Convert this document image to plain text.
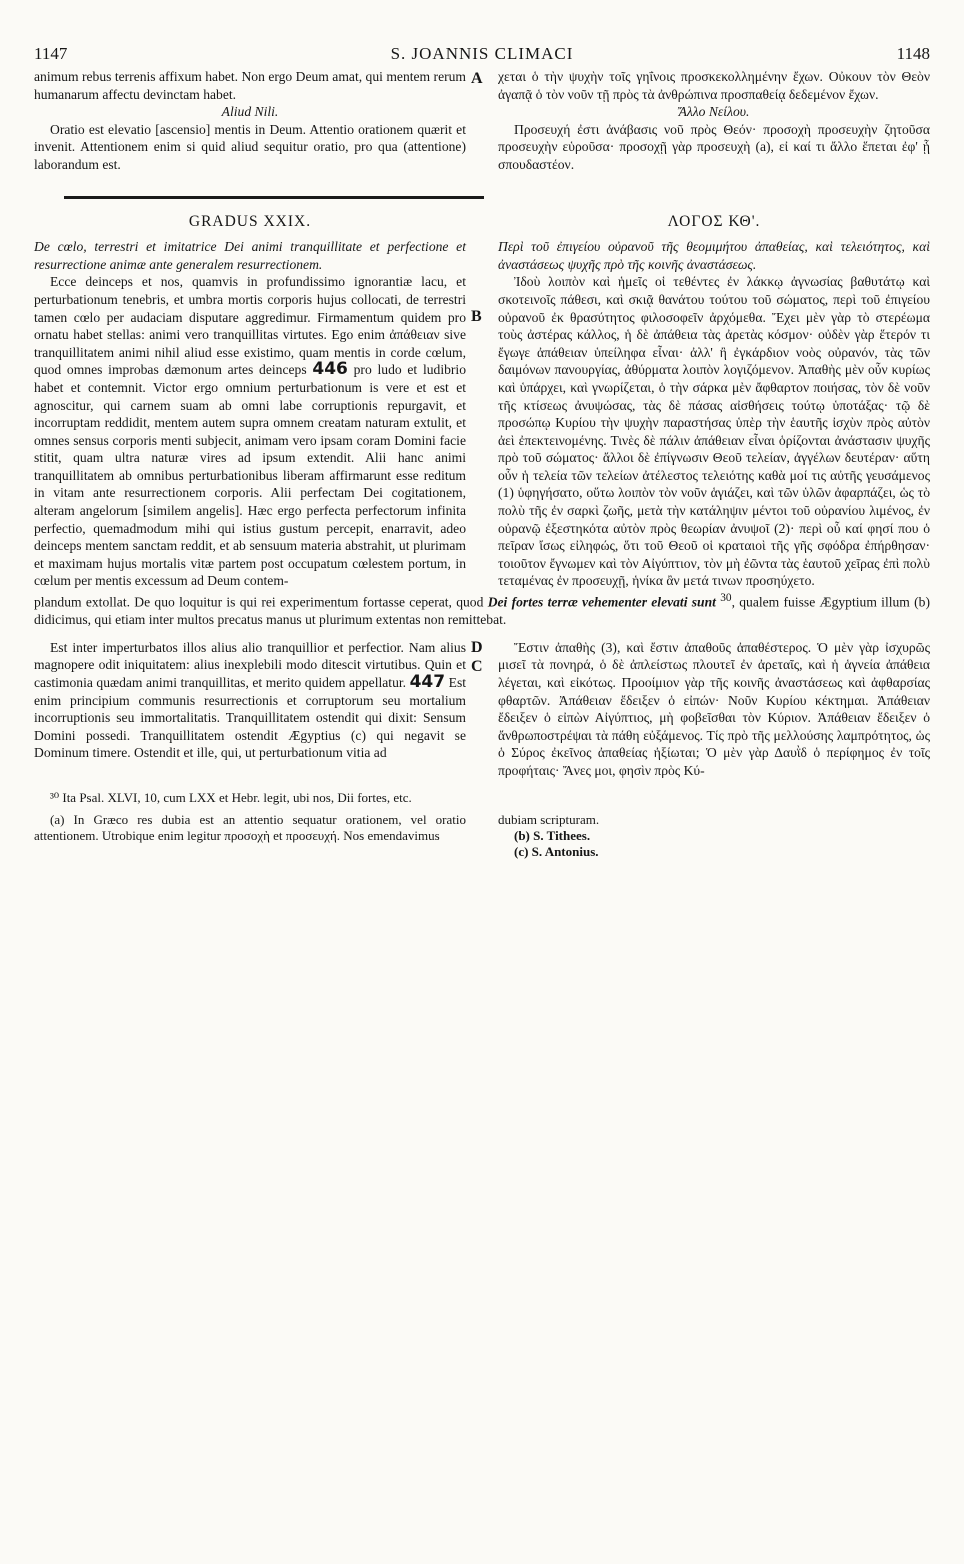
1147	S. JOANNIS CLIMACI	1148
A

animum rebus terrenis affixum habet. Non ergo Deum amat, qui mentem rerum humanarum affectu devinctam habet.

Aliud Nili.

Oratio est elevatio [ascensio] mentis in Deum. Attentio orationem quærit et invenit. Attentionem enim si quid aliud sequitur oratio, pro qua (attentione) laborandum est.

χεται ὁ τὴν ψυχὴν τοῖς γηΐνοις προσκεκολλημένην ἔχων. Οὐκουν τὸν Θεὸν ἀγαπᾷ ὁ τὸν νοῦν τῇ πρὸς τὰ ἀνθρώπινα προσπαθείᾳ δεδεμένον ἔχων.

Ἄλλο Νείλου.

Προσευχή ἐστι ἀνάβασις νοῦ πρὸς Θεόν· προσοχὴ προσευχὴν ζητοῦσα προσευχὴν εὑροῦσα· προσοχῇ γὰρ προσευχὴ (a), εἰ καί τι ἄλλο ἕπεται ἐφ' ᾗ σπουδαστέον.

GRADUS XXIX.	ΛΟΓΟΣ ΚΘ'.
B
C

De cœlo, terrestri et imitatrice Dei animi tranquillitate et perfectione et resurrectione animæ ante generalem resurrectionem.

Ecce deinceps et nos, quamvis in profundissimo ignorantiæ lacu, et perturbationum tenebris, et umbra mortis corporis hujus collocati, de terrestri tamen cœlo per audaciam disputare aggredimur. Firmamentum quidem pro ornatu habet stellas: animi vero tranquillitas virtutes. Ego enim ἀπάθειαν sive tranquillitatem animi nihil aliud esse existimo, quam mentis in corde cœlum, quod omnes improbas dæmonum artes deinceps 446 pro ludo et ludibrio habet et contemnit. Victor ergo omnium perturbationum is vere et est et agnoscitur, qui carnem suam ab omni labe corruptionis repurgavit, et incorruptam reddidit, mentem autem supra omnem creatam naturam extulit, et omnes sensus corporis menti subjecit, animam vero ipsam coram Domini facie stitit, quam ultra naturæ vires ad ipsum extendit. Alii hanc animi tranquillitatem ab omnibus perturbationibus liberam affirmarunt esse reditum in vitam ante resurrectionem corporis. Alii perfectam Dei cogitationem, alteram angelorum [similem angelis]. Hæc ergo perfecta perfectorum infinita perfectio, quemadmodum mihi qui istius gustum percepit, enarravit, adeo deinceps mentem sanctam reddit, et ab sensuum materia abstrahit, ut plurimam et maximam hujus mortalis vitæ partem post occupatum cœlestem portum, in cœlum per mentis excessum ad Deum contem-

Περὶ τοῦ ἐπιγείου οὐρανοῦ τῆς θεομιμήτου ἀπαθείας, καὶ τελειότητος, καὶ ἀναστάσεως ψυχῆς πρὸ τῆς κοινῆς ἀναστάσεως.

Ἰδοὺ λοιπὸν καὶ ἡμεῖς οἱ τεθέντες ἐν λάκκῳ ἀγνωσίας βαθυτάτῳ καὶ σκοτεινοῖς πάθεσι, καὶ σκιᾷ θανάτου τούτου τοῦ σώματος, περὶ τοῦ ἐπιγείου οὐρανοῦ ἐκ θρασύτητος φιλοσοφεῖν ἀρχόμεθα. Ἔχει μὲν γὰρ τὸ στερέωμα τοὺς ἀστέρας κάλλος, ἡ δὲ ἀπάθεια τὰς ἀρετὰς κόσμον· οὐδὲν γὰρ ἕτερόν τι ἔγωγε ἀπάθειαν ὑπείληφα εἶναι· ἀλλ' ἢ ἐγκάρδιον νοὸς οὐρανόν, τὰς τῶν δαιμόνων πανουργίας, ἀθύρματα λοιπὸν λογιζόμενον. Ἀπαθὴς μὲν οὖν κυρίως καὶ ὑπάρχει, καὶ γνωρίζεται, ὁ τὴν σάρκα μὲν ἄφθαρτον ποιήσας, τὸν δὲ νοῦν τῆς κτίσεως ἀνυψώσας, τὰς δὲ πάσας αἰσθήσεις τούτῳ ὑποτάξας· τῷ δὲ προσώπῳ Κυρίου τὴν ψυχὴν παραστήσας ὑπὲρ τὴν ἑαυτῆς ἰσχὺν πρὸς αὐτὸν ἀεὶ ἐπεκτεινομένης. Τινὲς δὲ πάλιν ἀπάθειαν εἶναι ὁρίζονται ἀνάστασιν ψυχῆς πρὸ τοῦ σώματος· ἄλλοι δὲ ἐπίγνωσιν Θεοῦ τελείαν, ἀγγέλων δευτέραν· αὕτη οὖν ἡ τελεία τῶν τελείων ἀτέλεστος τελειότης καθὰ μοί τις αὐτῆς γευσάμενος (1) ὑφηγήσατο, οὕτω λοιπὸν τὸν νοῦν ἁγιάζει, καὶ τῶν ὑλῶν ἀφαρπάζει, ὡς τὸ πολὺ τῆς ἐν σαρκὶ ζωῆς, μετὰ τὴν κατάληψιν μέντοι τοῦ οὐρανίου λιμένος, ἐν οὐρανῷ ἐξεστηκότα αὐτὸν πρὸς θεωρίαν ἀνυψοῖ (2)· περὶ οὗ καί φησί που ὁ πεῖραν ἴσως εἰληφώς, ὅτι τοῦ Θεοῦ οἱ κραταιοὶ τῆς γῆς σφόδρα ἐπήρθησαν· τοιοῦτον ἔγνωμεν καὶ τὸν Αἰγύπτιον, τὸν μὴ ἐῶντα τὰς ἑαυτοῦ χεῖρας ἐπὶ πολὺ τεταμένας ἐν προσευχῇ, ἡνίκα ἂν μετά τινων προσηύχετο.

plandum extollat. De quo loquitur is qui rei experimentum fortasse ceperat, quod Dei fortes terræ vehementer elevati sunt $^{30}$, qualem fuisse Ægyptium illum (b) didicimus, qui etiam inter multos precatus manus ut plurimum extentas non remittebat.

D

Est inter imperturbatos illos alius alio tranquillior et perfectior. Nam alius magnopere odit iniquitatem: alius inexplebili modo ditescit virtutibus. Quin et castimonia quædam animi tranquillitas, et merito quidem appellatur. 447 Est enim principium communis resurrectionis et corruptorum seu mortalium incorruptionis seu immortalitatis. Tranquillitatem ostendit qui dixit: Sensum Domini possedi. Tranquillitatem ostendit Ægyptius (c) qui negavit se Dominum timere. Ostendit et ille, qui, ut perturbationum vitia ad

Ἔστιν ἀπαθὴς (3), καὶ ἔστιν ἀπαθοῦς ἀπαθέστερος. Ὁ μὲν γὰρ ἰσχυρῶς μισεῖ τὰ πονηρά, ὁ δὲ ἀπλείστως πλουτεῖ ἐν ἀρεταῖς, καὶ ἡ ἁγνεία ἀπάθεια λέγεται, καὶ εἰκότως. Προοίμιον γὰρ τῆς κοινῆς ἀναστάσεως καὶ ἀφθαρσίας φθαρτῶν. Ἀπάθειαν ἔδειξεν ὁ εἰπών· Νοῦν Κυρίου κέκτημαι. Ἀπάθειαν ἔδειξεν ὁ εἰπὼν Αἰγύπτιος, μὴ φοβεῖσθαι τὸν Κύριον. Ἀπάθειαν ἔδειξεν ὁ ἄνθρωποστρέψαι τὰ πάθη εὐξάμενος. Τίς πρὸ τῆς μελλούσης λαμπρότητος, ὡς ὁ Σύρος ἐκεῖνος ἀπαθείας ἠξίωται; Ὁ μὲν γὰρ Δαυῒδ ὁ περίφημος ἐν τοῖς προφήταις· Ἄνες μοι, φησὶν πρὸς Κύ-

³⁰ Ita Psal. XLVI, 10, cum LXX et Hebr. legit, ubi nos, Dii fortes, etc.

(a) In Græco res dubia est an attentio sequatur orationem, vel oratio attentionem. Utrobique enim legitur προσοχὴ et προσευχή. Nos emendavimus

dubiam scripturam.

(b) S. Tithees.

(c) S. Antonius.
